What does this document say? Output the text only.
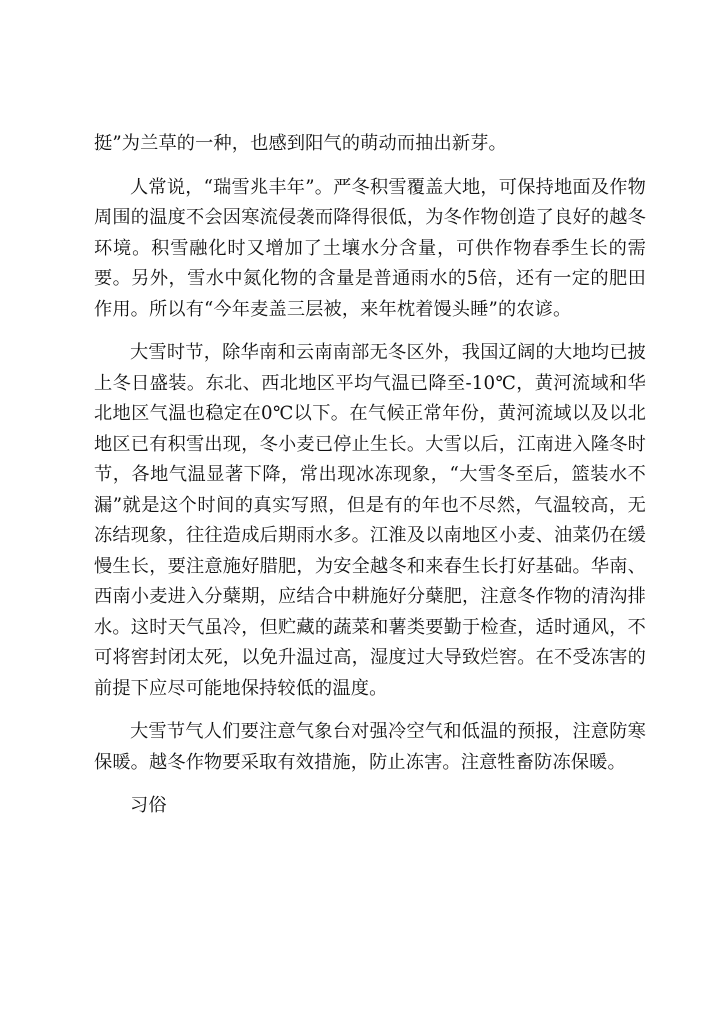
挺”为兰草的一种，也感到阳气的萌动而抽出新芽。

人常说，“瑞雪兆丰年”。严冬积雪覆盖大地，可保持地面及作物周围的温度不会因寒流侵袭而降得很低，为冬作物创造了良好的越冬环境。积雪融化时又增加了土壤水分含量，可供作物春季生长的需要。另外，雪水中氮化物的含量是普通雨水的5倍，还有一定的肥田作用。所以有“今年麦盖三层被，来年枕着馒头睡”的农谚。

大雪时节，除华南和云南南部无冬区外，我国辽阔的大地均已披上冬日盛装。东北、西北地区平均气温已降至-10℃，黄河流域和华北地区气温也稳定在0℃以下。在气候正常年份，黄河流域以及以北地区已有积雪出现，冬小麦已停止生长。大雪以后，江南进入隆冬时节，各地气温显著下降，常出现冰冻现象，“大雪冬至后，篮装水不漏”就是这个时间的真实写照，但是有的年也不尽然，气温较高，无冻结现象，往往造成后期雨水多。江淮及以南地区小麦、油菜仍在缓慢生长，要注意施好腊肥，为安全越冬和来春生长打好基础。华南、西南小麦进入分蘖期，应结合中耕施好分蘖肥，注意冬作物的清沟排水。这时天气虽冷，但贮藏的蔬菜和薯类要勤于检查，适时通风，不可将窖封闭太死，以免升温过高，湿度过大导致烂窖。在不受冻害的前提下应尽可能地保持较低的温度。

大雪节气人们要注意气象台对强冷空气和低温的预报，注意防寒保暖。越冬作物要采取有效措施，防止冻害。注意牲畜防冻保暖。

习俗
